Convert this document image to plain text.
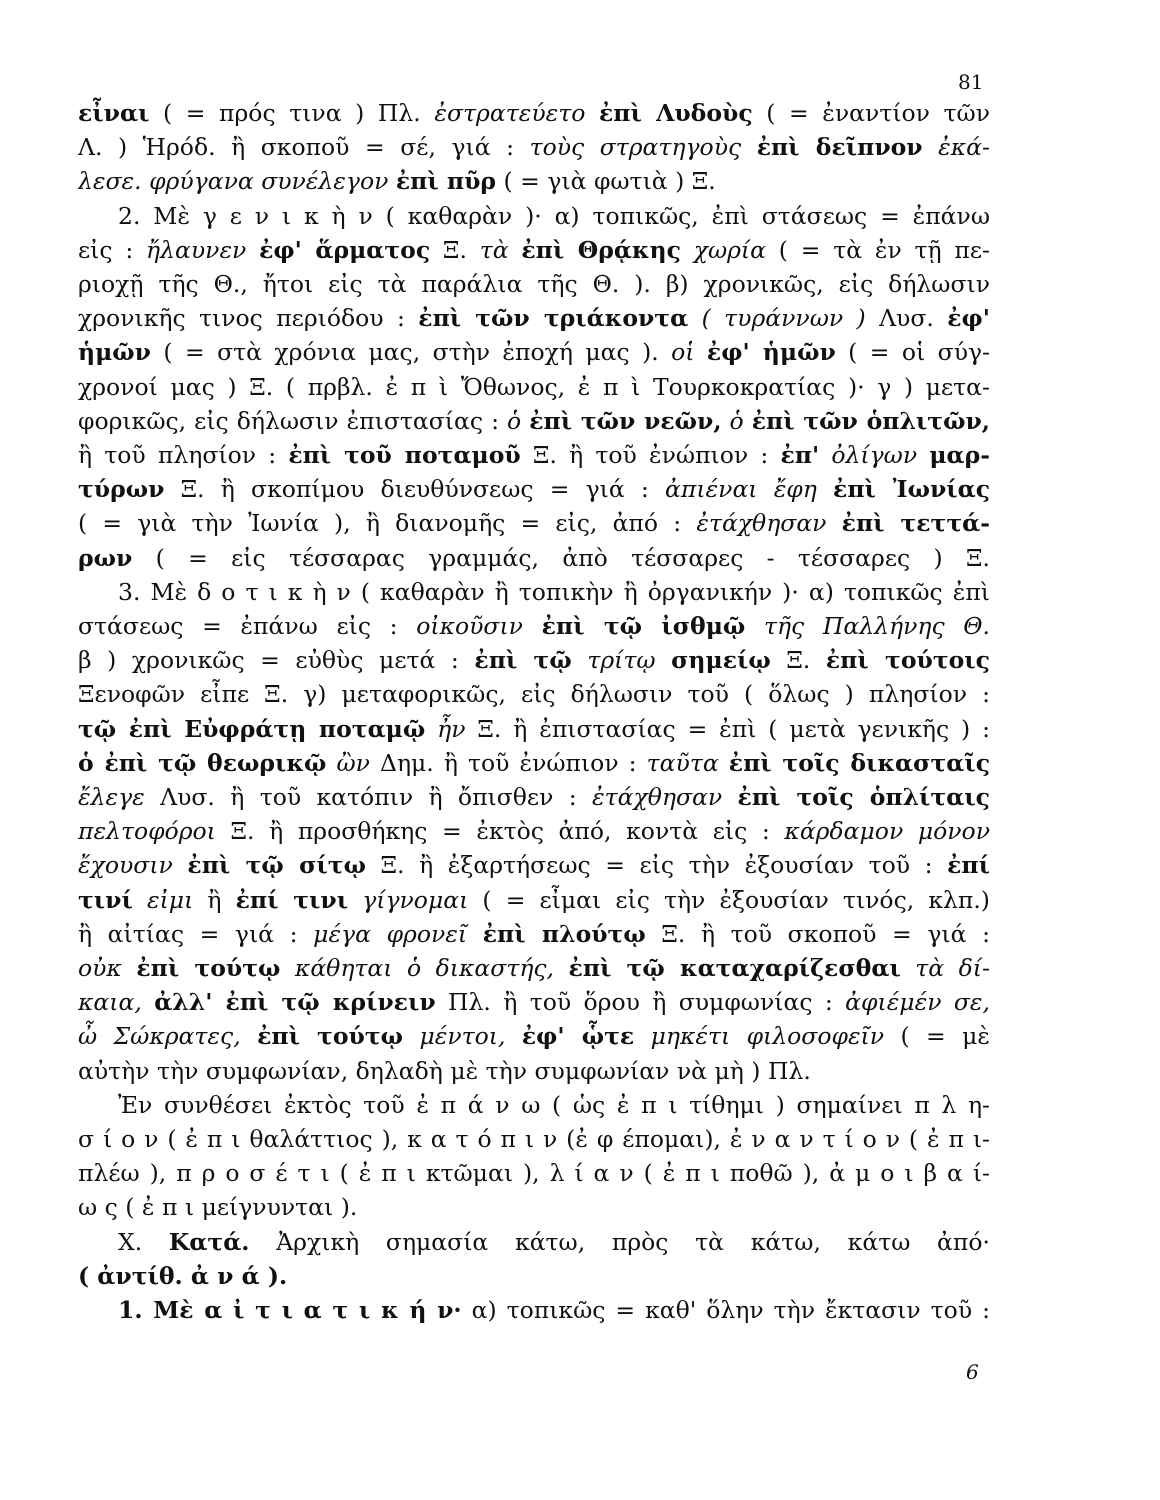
81
εἶναι ( = πρός τινα ) Πλ. ἐστρατεύετο ἐπὶ Λυδοὺς ( = ἐναντίον τῶν
Λ. ) Ἡρόδ. ἢ σκοποῦ = σέ, γιά : τοὺς στρατηγοὺς ἐπὶ δεῖπνον ἐκά-
λεσε. φρύγανα συνέλεγον ἐπὶ πῦρ ( = γιὰ φωτιὰ ) Ξ.
2. Μὲ γ ε ν ι κ ὴ ν ( καθαρὰν )· α) τοπικῶς, ἐπὶ στάσεως = ἐπάνω
εἰς : ἤλαυνεν ἐφ' ἅρματος Ξ. τὰ ἐπὶ Θρᾴκης χωρία ( = τὰ ἐν τῇ πε-
ριοχῇ τῆς Θ., ἤτοι εἰς τὰ παράλια τῆς Θ. ). β) χρονικῶς, εἰς δήλωσιν
χρονικῆς τινος περιόδου : ἐπὶ τῶν τριάκοντα ( τυράννων ) Λυσ. ἐφ'
ἡμῶν ( = στὰ χρόνια μας, στὴν ἐποχή μας ). οἱ ἐφ' ἡμῶν ( = οἱ σύγ-
χρονοί μας ) Ξ. ( πρβλ. ἐ π ὶ Ὄθωνος, ἐ π ὶ Τουρκοκρατίας )· γ ) μετα-
φορικῶς, εἰς δήλωσιν ἐπιστασίας : ὁ ἐπὶ τῶν νεῶν, ὁ ἐπὶ τῶν ὁπλιτῶν,
ἢ τοῦ πλησίον : ἐπὶ τοῦ ποταμοῦ Ξ. ἢ τοῦ ἐνώπιον : ἐπ' ὀλίγων μαρ-
τύρων Ξ. ἢ σκοπίμου διευθύνσεως = γιά : ἀπιέναι ἔφη ἐπὶ Ἰωνίας
( = γιὰ τὴν Ἰωνία ), ἢ διανομῆς = εἰς, ἀπό : ἐτάχθησαν ἐπὶ τεττά-
ρων ( = εἰς τέσσαρας γραμμάς, ἀπὸ τέσσαρες - τέσσαρες ) Ξ.
3. Μὲ δ ο τ ι κ ὴ ν ( καθαρὰν ἢ τοπικὴν ἢ ὀργανικήν )· α) τοπικῶς ἐπὶ
στάσεως = ἐπάνω εἰς : οἰκοῦσιν ἐπὶ τῷ ἰσθμῷ τῆς Παλλήνης Θ.
β ) χρονικῶς = εὐθὺς μετά : ἐπὶ τῷ τρίτῳ σημείῳ Ξ. ἐπὶ τούτοις
Ξενοφῶν εἶπε Ξ. γ) μεταφορικῶς, εἰς δήλωσιν τοῦ ( ὅλως ) πλησίον :
τῷ ἐπὶ Εὐφράτῃ ποταμῷ ἦν Ξ. ἢ ἐπιστασίας = ἐπὶ ( μετὰ γενικῆς ) :
ὁ ἐπὶ τῷ θεωρικῷ ὢν Δημ. ἢ τοῦ ἐνώπιον : ταῦτα ἐπὶ τοῖς δικασταῖς
ἔλεγε Λυσ. ἢ τοῦ κατόπιν ἢ ὄπισθεν : ἐτάχθησαν ἐπὶ τοῖς ὁπλίταις
πελτοφόροι Ξ. ἢ προσθήκης = ἐκτὸς ἀπό, κοντὰ εἰς : κάρδαμον μόνον
ἔχουσιν ἐπὶ τῷ σίτῳ Ξ. ἢ ἐξαρτήσεως = εἰς τὴν ἐξουσίαν τοῦ : ἐπί
τινί εἰμι ἢ ἐπί τινι γίγνομαι ( = εἶμαι εἰς τὴν ἐξουσίαν τινός, κλπ.)
ἢ αἰτίας = γιά : μέγα φρονεῖ ἐπὶ πλούτῳ Ξ. ἢ τοῦ σκοποῦ = γιά :
οὐκ ἐπὶ τούτῳ κάθηται ὁ δικαστής, ἐπὶ τῷ καταχαρίζεσθαι τὰ δί-
καια, ἀλλ' ἐπὶ τῷ κρίνειν Πλ. ἢ τοῦ ὅρου ἢ συμφωνίας : ἀφιέμέν σε,
ὦ Σώκρατες, ἐπὶ τούτῳ μέντοι, ἐφ' ᾧτε μηκέτι φιλοσοφεῖν ( = μὲ
αὐτὴν τὴν συμφωνίαν, δηλαδὴ μὲ τὴν συμφωνίαν νὰ μὴ ) Πλ.
Ἐν συνθέσει ἐκτὸς τοῦ ἐ π ά ν ω ( ὡς ἐ π ι τίθημι ) σημαίνει π λ η-
σ ί ο ν ( ἐ π ι θαλάττιος ), κ α τ ό π ι ν (ἐ φ έπομαι), ἐ ν α ν τ ί ο ν ( ἐ π ι-
πλέω ), π ρ ο σ έ τ ι ( ἐ π ι κτῶμαι ), λ ί α ν ( ἐ π ι ποθῶ ), ἀ μ ο ι β α ί-
ω ς ( ἐ π ι μείγνυνται ).
Χ. Κατά. Ἀρχικὴ σημασία κάτω, πρὸς τὰ κάτω, κάτω ἀπό·
( ἀντίθ. ἀ ν ά ).
1. Μὲ α ἰ τ ι α τ ι κ ή ν· α) τοπικῶς = καθ' ὅλην τὴν ἔκτασιν τοῦ :
6
